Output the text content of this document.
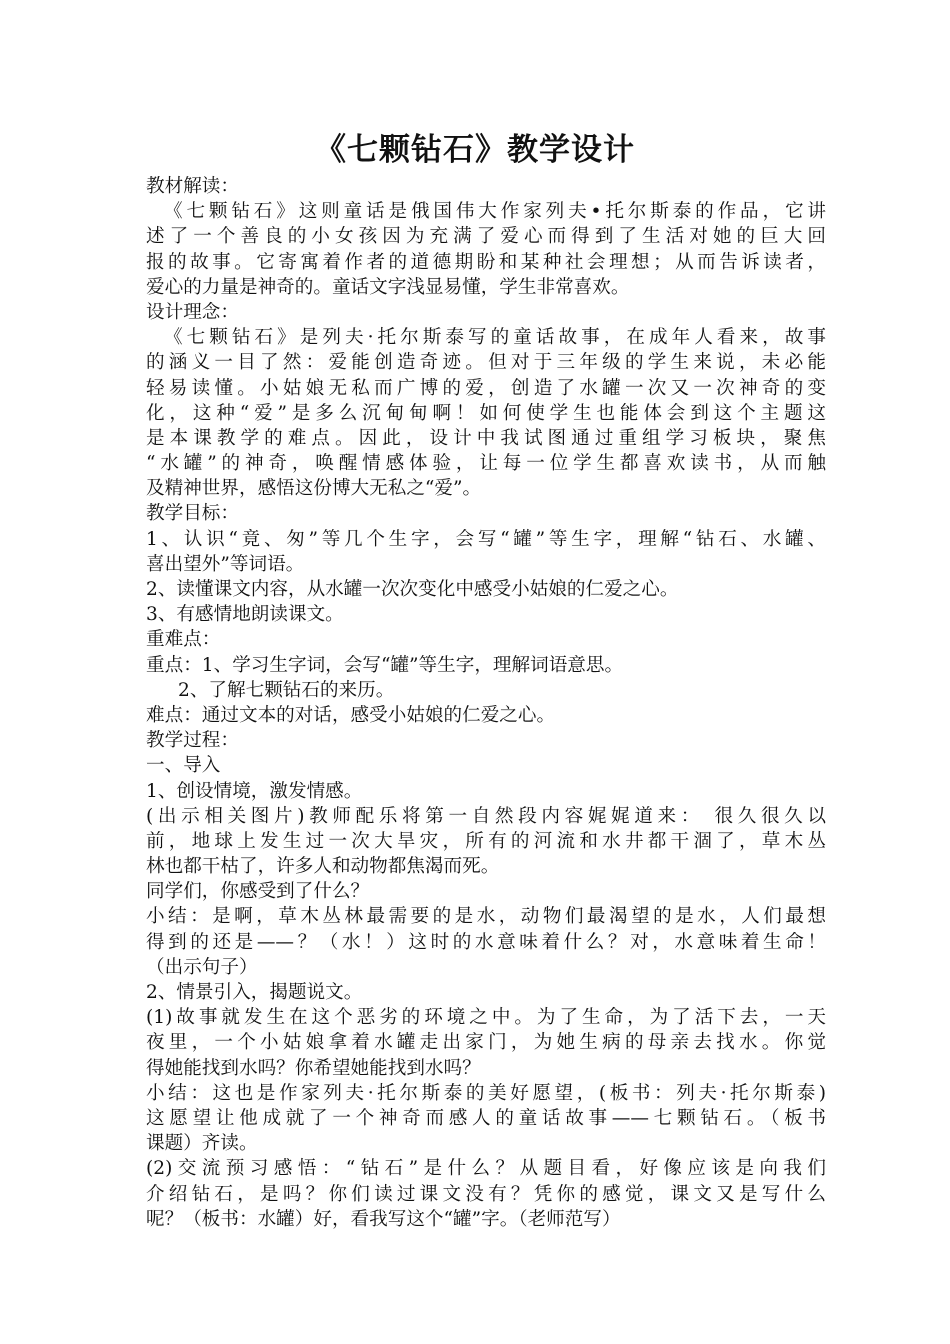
《七颗钻石》教学设计
教材解读：
《七颗钻石》这则童话是俄国伟大作家列夫•托尔斯泰的作品，它讲
述了一个善良的小女孩因为充满了爱心而得到了生活对她的巨大回
报的故事。它寄寓着作者的道德期盼和某种社会理想；从而告诉读者，
爱心的力量是神奇的。童话文字浅显易懂，学生非常喜欢。
设计理念：
《七颗钻石》是列夫·托尔斯泰写的童话故事，在成年人看来，故事
的涵义一目了然：爱能创造奇迹。但对于三年级的学生来说，未必能
轻易读懂。小姑娘无私而广博的爱，创造了水罐一次又一次神奇的变
化，这种“爱”是多么沉甸甸啊！如何使学生也能体会到这个主题这
是本课教学的难点。因此，设计中我试图通过重组学习板块，聚焦
“水罐”的神奇，唤醒情感体验，让每一位学生都喜欢读书，从而触
及精神世界，感悟这份博大无私之“爱”。
教学目标：
1、认识“竟、匆”等几个生字，会写“罐”等生字，理解“钻石、水罐、
喜出望外”等词语。
2、读懂课文内容，从水罐一次次变化中感受小姑娘的仁爱之心。
3、有感情地朗读课文。
重难点：
重点：1、学习生字词，会写“罐”等生字，理解词语意思。
2、了解七颗钻石的来历。
难点：通过文本的对话，感受小姑娘的仁爱之心。
教学过程：
一、导入
1、创设情境，激发情感。
(出示相关图片)教师配乐将第一自然段内容娓娓道来： 很久很久以
前，地球上发生过一次大旱灾，所有的河流和水井都干涸了，草木丛
林也都干枯了，许多人和动物都焦渴而死。
同学们，你感受到了什么？
小结：是啊，草木丛林最需要的是水，动物们最渴望的是水，人们最想
得到的还是——？（水！）这时的水意味着什么？对，水意味着生命！
（出示句子）
2、情景引入，揭题说文。
(1)故事就发生在这个恶劣的环境之中。为了生命，为了活下去，一天
夜里，一个小姑娘拿着水罐走出家门，为她生病的母亲去找水。你觉
得她能找到水吗？你希望她能找到水吗？
小结：这也是作家列夫·托尔斯泰的美好愿望，(板书：列夫·托尔斯泰)
这愿望让他成就了一个神奇而感人的童话故事——七颗钻石。（板书
课题）齐读。
(2)交流预习感悟：“钻石”是什么？从题目看，好像应该是向我们
介绍钻石，是吗？你们读过课文没有？凭你的感觉，课文又是写什么
呢？（板书：水罐）好，看我写这个“罐”字。（老师范写）
